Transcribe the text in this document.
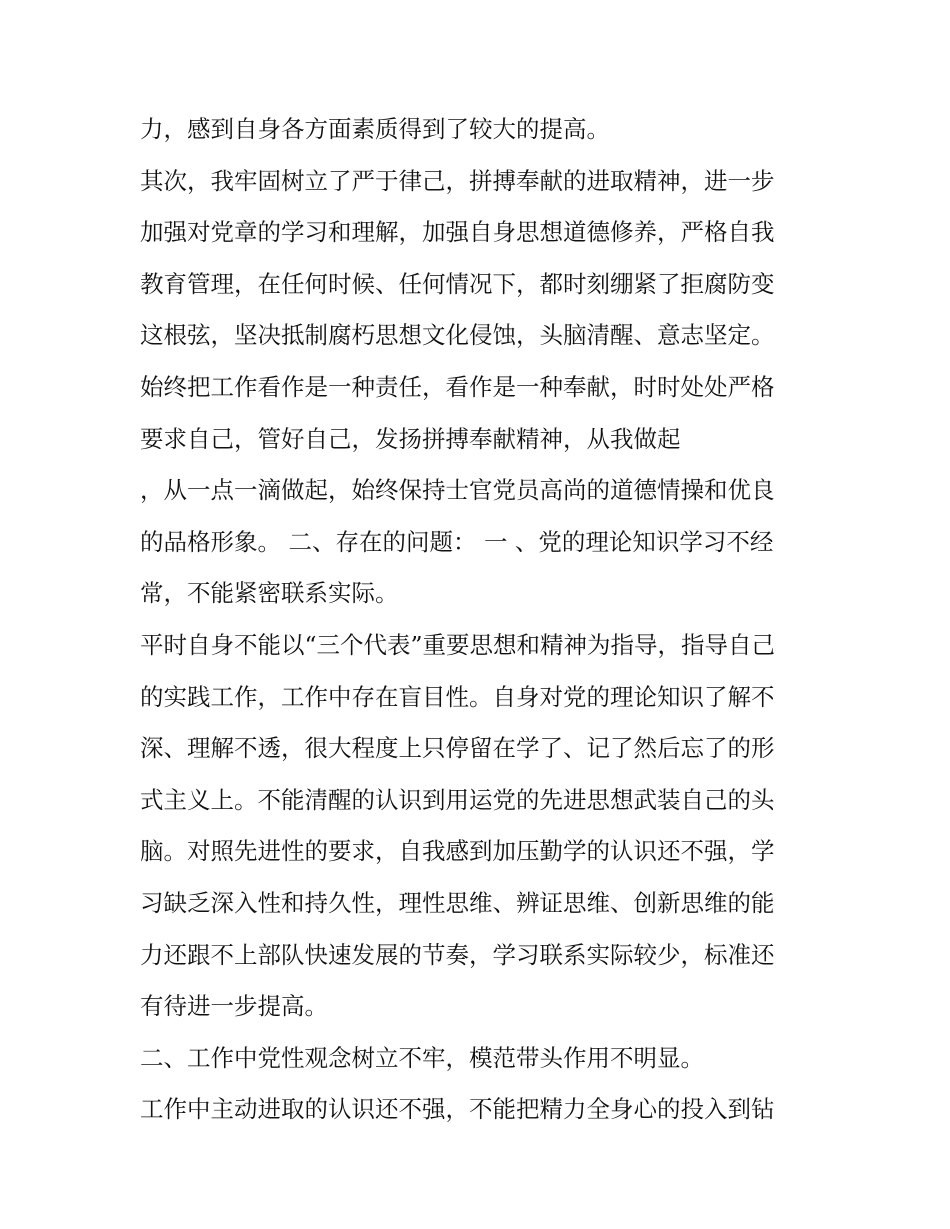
力，感到自身各方面素质得到了较大的提高。
其次，我牢固树立了严于律己，拼搏奉献的进取精神，进一步
加强对党章的学习和理解，加强自身思想道德修养，严格自我
教育管理，在任何时候、任何情况下，都时刻绷紧了拒腐防变
这根弦，坚决抵制腐朽思想文化侵蚀，头脑清醒、意志坚定。
始终把工作看作是一种责任，看作是一种奉献，时时处处严格
要求自己，管好自己，发扬拼搏奉献精神，从我做起
，从一点一滴做起，始终保持士官党员高尚的道德情操和优良
的品格形象。 二、存在的问题： 一 、党的理论知识学习不经
常，不能紧密联系实际。
平时自身不能以“三个代表”重要思想和精神为指导，指导自己
的实践工作，工作中存在盲目性。自身对党的理论知识了解不
深、理解不透，很大程度上只停留在学了、记了然后忘了的形
式主义上。不能清醒的认识到用运党的先进思想武装自己的头
脑。对照先进性的要求，自我感到加压勤学的认识还不强，学
习缺乏深入性和持久性，理性思维、辨证思维、创新思维的能
力还跟不上部队快速发展的节奏，学习联系实际较少，标准还
有待进一步提高。
二、工作中党性观念树立不牢，模范带头作用不明显。
工作中主动进取的认识还不强，不能把精力全身心的投入到钻
